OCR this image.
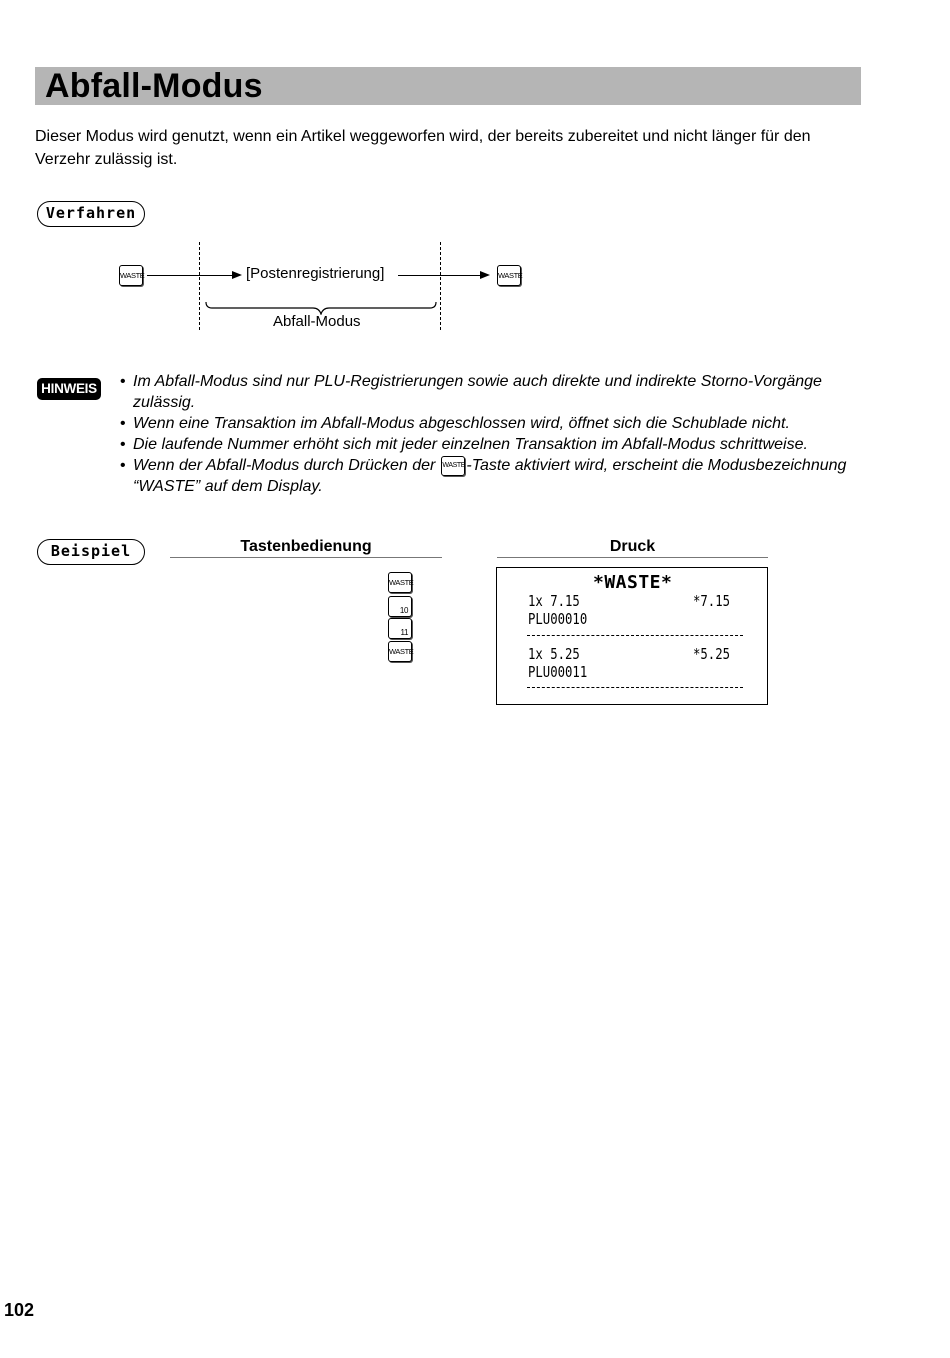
Abfall-Modus
Dieser Modus wird genutzt, wenn ein Artikel weggeworfen wird, der bereits zubereitet und nicht länger für den Verzehr zulässig ist.
Verfahren
WASTE	[Postenregistrierung]	WASTE
Abfall-Modus
HINWEIS
•	Im Abfall-Modus sind nur PLU-Registrierungen sowie auch direkte und indirekte Storno-Vorgänge zulässig.
• Wenn eine Transaktion im Abfall-Modus abgeschlossen wird, öffnet sich die Schublade nicht.
• Die laufende Nummer erhöht sich mit jeder einzelnen Transaktion im Abfall-Modus schrittweise.
• Wenn der Abfall-Modus durch Drücken der WASTE-Taste aktiviert wird, erscheint die Modusbezeichnung “WASTE” auf dem Display.
Beispiel	Tastenbedienung	Druck
WASTE
10
11
WASTE
*WASTE*
1x 7.15	*7.15
PLU00010
1x 5.25	*5.25
PLU00011
102
